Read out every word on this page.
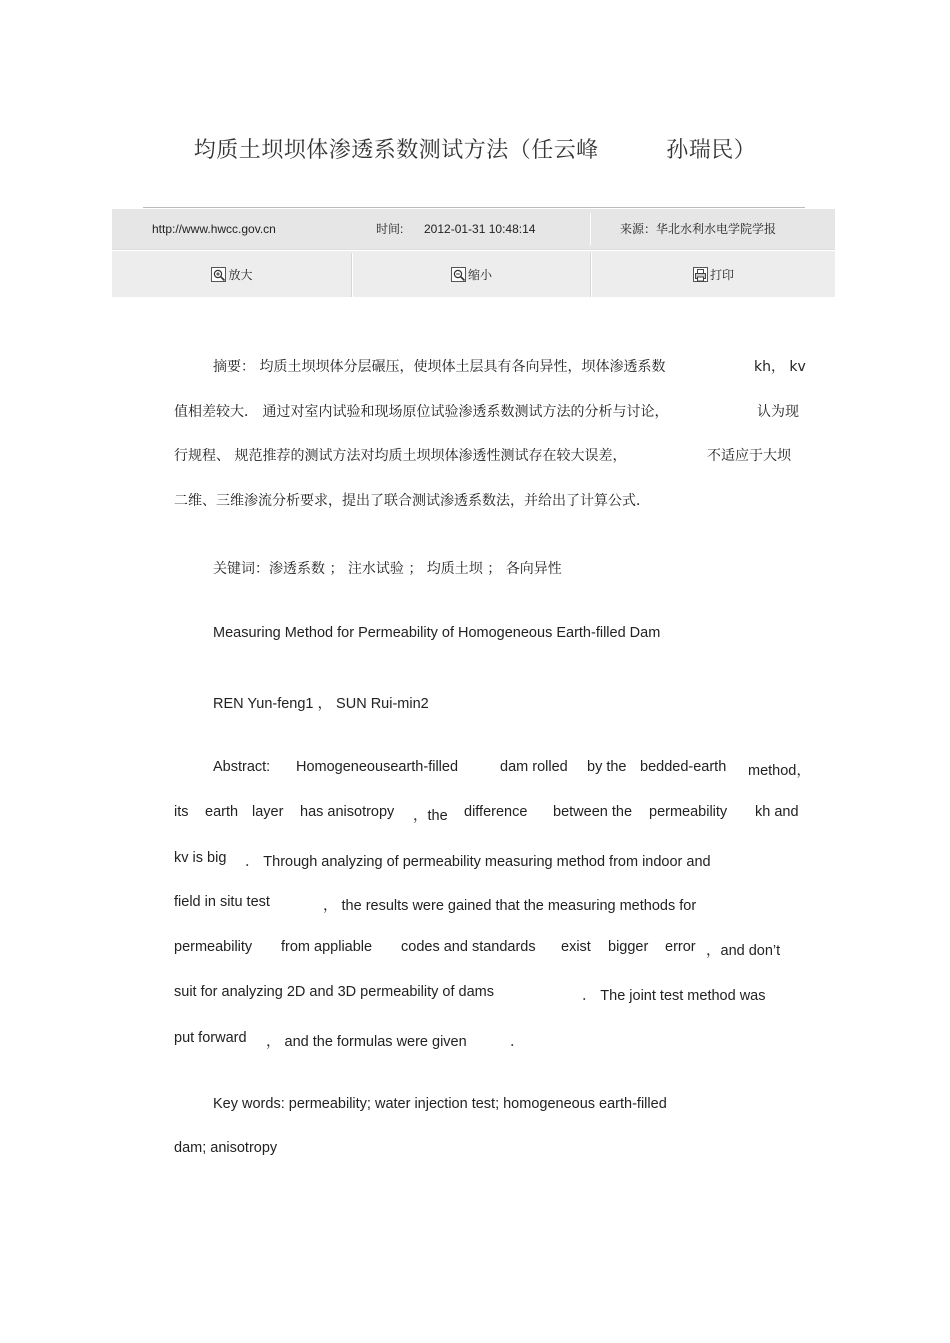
均质土坝坝体渗透系数测试方法（任云峰　　　孙瑞民）
http://www.hwcc.gov.cn	时间: 2012-01-31 10:48:14	来源：华北水利水电学院学报
放大	缩小	打印
摘要： 均质土坝坝体分层碾压，使坝体土层具有各向异性，坝体渗透系数	kh， kv
值相差较大． 通过对室内试验和现场原位试验渗透系数测试方法的分析与讨论，	认为现
行规程、 规范推荐的测试方法对均质土坝坝体渗透性测试存在较大误差，	不适应于大坝
二维、三维渗流分析要求，提出了联合测试渗透系数法，并给出了计算公式．
关键词：渗透系数 ； 注水试验 ； 均质土坝 ； 各向异性
Measuring Method for Permeability of Homogeneous Earth-filled Dam
REN Yun-feng1 ， SUN Rui-min2
Abstract: Homogeneousearth-filled	dam rolled by the bedded-earth method，
its earth layer has anisotropy ，the difference between the permeability kh and
kv is big ． Through analyzing of permeability measuring method from indoor and
field in situ test	， the results were gained that the measuring methods for
permeability from appliable codes and standards exist bigger error ，and don’t
suit for analyzing 2D and 3D permeability of dams	． The joint test method was
put forward ， and the formulas were given	．
Key words: permeability; water injection test; homogeneous earth-filled
dam; anisotropy
